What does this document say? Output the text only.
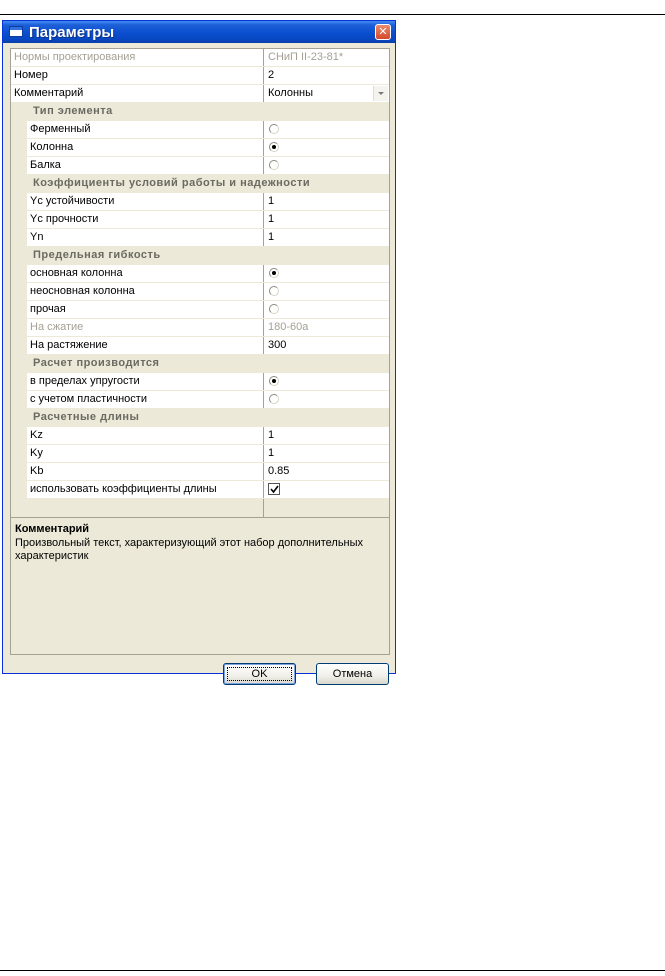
Параметры	✕
Нормы проектирования	СНиП II-23-81*
Номер	2
Комментарий	Колонны
Тип элемента
Ферменный
Колонна
Балка
Коэффициенты условий работы и надежности
Yc устойчивости	1
Yc прочности	1
Yn	1
Предельная гибкость
основная колонна
неосновная колонна
прочая
На сжатие	180-60a
На растяжение	300
Расчет производится
в пределах упругости
с учетом пластичности
Расчетные длины
Kz	1
Ky	1
Kb	0.85
использовать коэффициенты длины
Комментарий
Произвольный текст, характеризующий этот набор дополнительных характеристик
OK	Отмена
